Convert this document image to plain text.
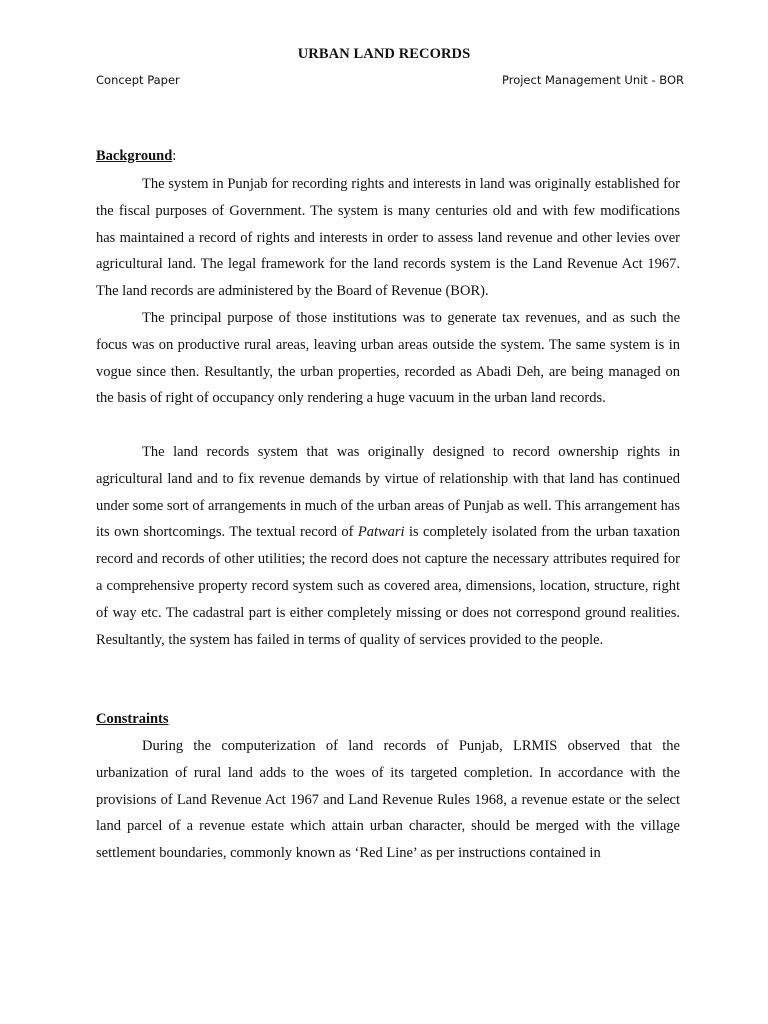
URBAN LAND RECORDS
Concept Paper	Project Management Unit - BOR
Background:

The system in Punjab for recording rights and interests in land was originally established for the fiscal purposes of Government. The system is many centuries old and with few modifications has maintained a record of rights and interests in order to assess land revenue and other levies over agricultural land. The legal framework for the land records system is the Land Revenue Act 1967. The land records are administered by the Board of Revenue (BOR).

The principal purpose of those institutions was to generate tax revenues, and as such the focus was on productive rural areas, leaving urban areas outside the system. The same system is in vogue since then. Resultantly, the urban properties, recorded as Abadi Deh, are being managed on the basis of right of occupancy only rendering a huge vacuum in the urban land records.

The land records system that was originally designed to record ownership rights in agricultural land and to fix revenue demands by virtue of relationship with that land has continued under some sort of arrangements in much of the urban areas of Punjab as well. This arrangement has its own shortcomings. The textual record of Patwari is completely isolated from the urban taxation record and records of other utilities; the record does not capture the necessary attributes required for a comprehensive property record system such as covered area, dimensions, location, structure, right of way etc. The cadastral part is either completely missing or does not correspond ground realities. Resultantly, the system has failed in terms of quality of services provided to the people.

Constraints

During the computerization of land records of Punjab, LRMIS observed that the urbanization of rural land adds to the woes of its targeted completion. In accordance with the provisions of Land Revenue Act 1967 and Land Revenue Rules 1968, a revenue estate or the select land parcel of a revenue estate which attain urban character, should be merged with the village settlement boundaries, commonly known as ‘Red Line’ as per instructions contained in
